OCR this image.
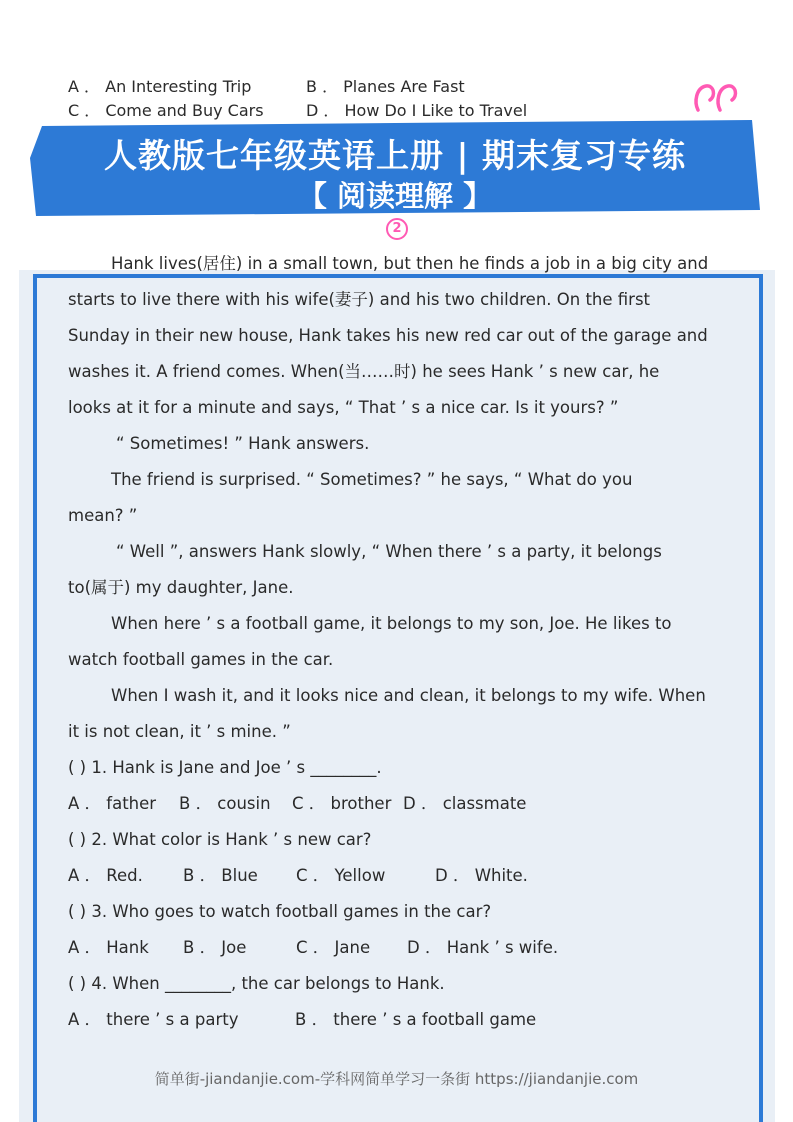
A ． An Interesting Trip	B ． Planes Are Fast
C ． Come and Buy Cars	D ． How Do I Like to Travel
人教版七年级英语上册 | 期末复习专练
【 阅读理解 】
2
Hank lives(居住) in a small town, but then he finds a job in a big city and
starts to live there with his wife(妻子) and his two children. On the first
Sunday in their new house, Hank takes his new red car out of the garage and
washes it. A friend comes. When(当……时) he sees Hank ’ s new car, he
looks at it for a minute and says, “ That ’ s a nice car. Is it yours? ”
“ Sometimes! ” Hank answers.
The friend is surprised. “ Sometimes? ” he says, “ What do you
mean? ”
“ Well ”, answers Hank slowly, “ When there ’ s a party, it belongs
to(属于) my daughter, Jane.
When here ’ s a football game, it belongs to my son, Joe. He likes to
watch football games in the car.
When I wash it, and it looks nice and clean, it belongs to my wife. When
it is not clean, it ’ s mine. ”
( ) 1. Hank is Jane and Joe ’ s ________.
A ． father B ． cousin C ． brother D ． classmate
( ) 2. What color is Hank ’ s new car?
A ． Red. B ． Blue C ． Yellow	D ． White.
( ) 3. Who goes to watch football games in the car?
A ． Hank B ． Joe	C ． Jane D ． Hank ’ s wife.
( ) 4. When ________, the car belongs to Hank.
A ． there ’ s a party	B ． there ’ s a football game
简单街-jiandanjie.com-学科网简单学习一条街 https://jiandanjie.com
